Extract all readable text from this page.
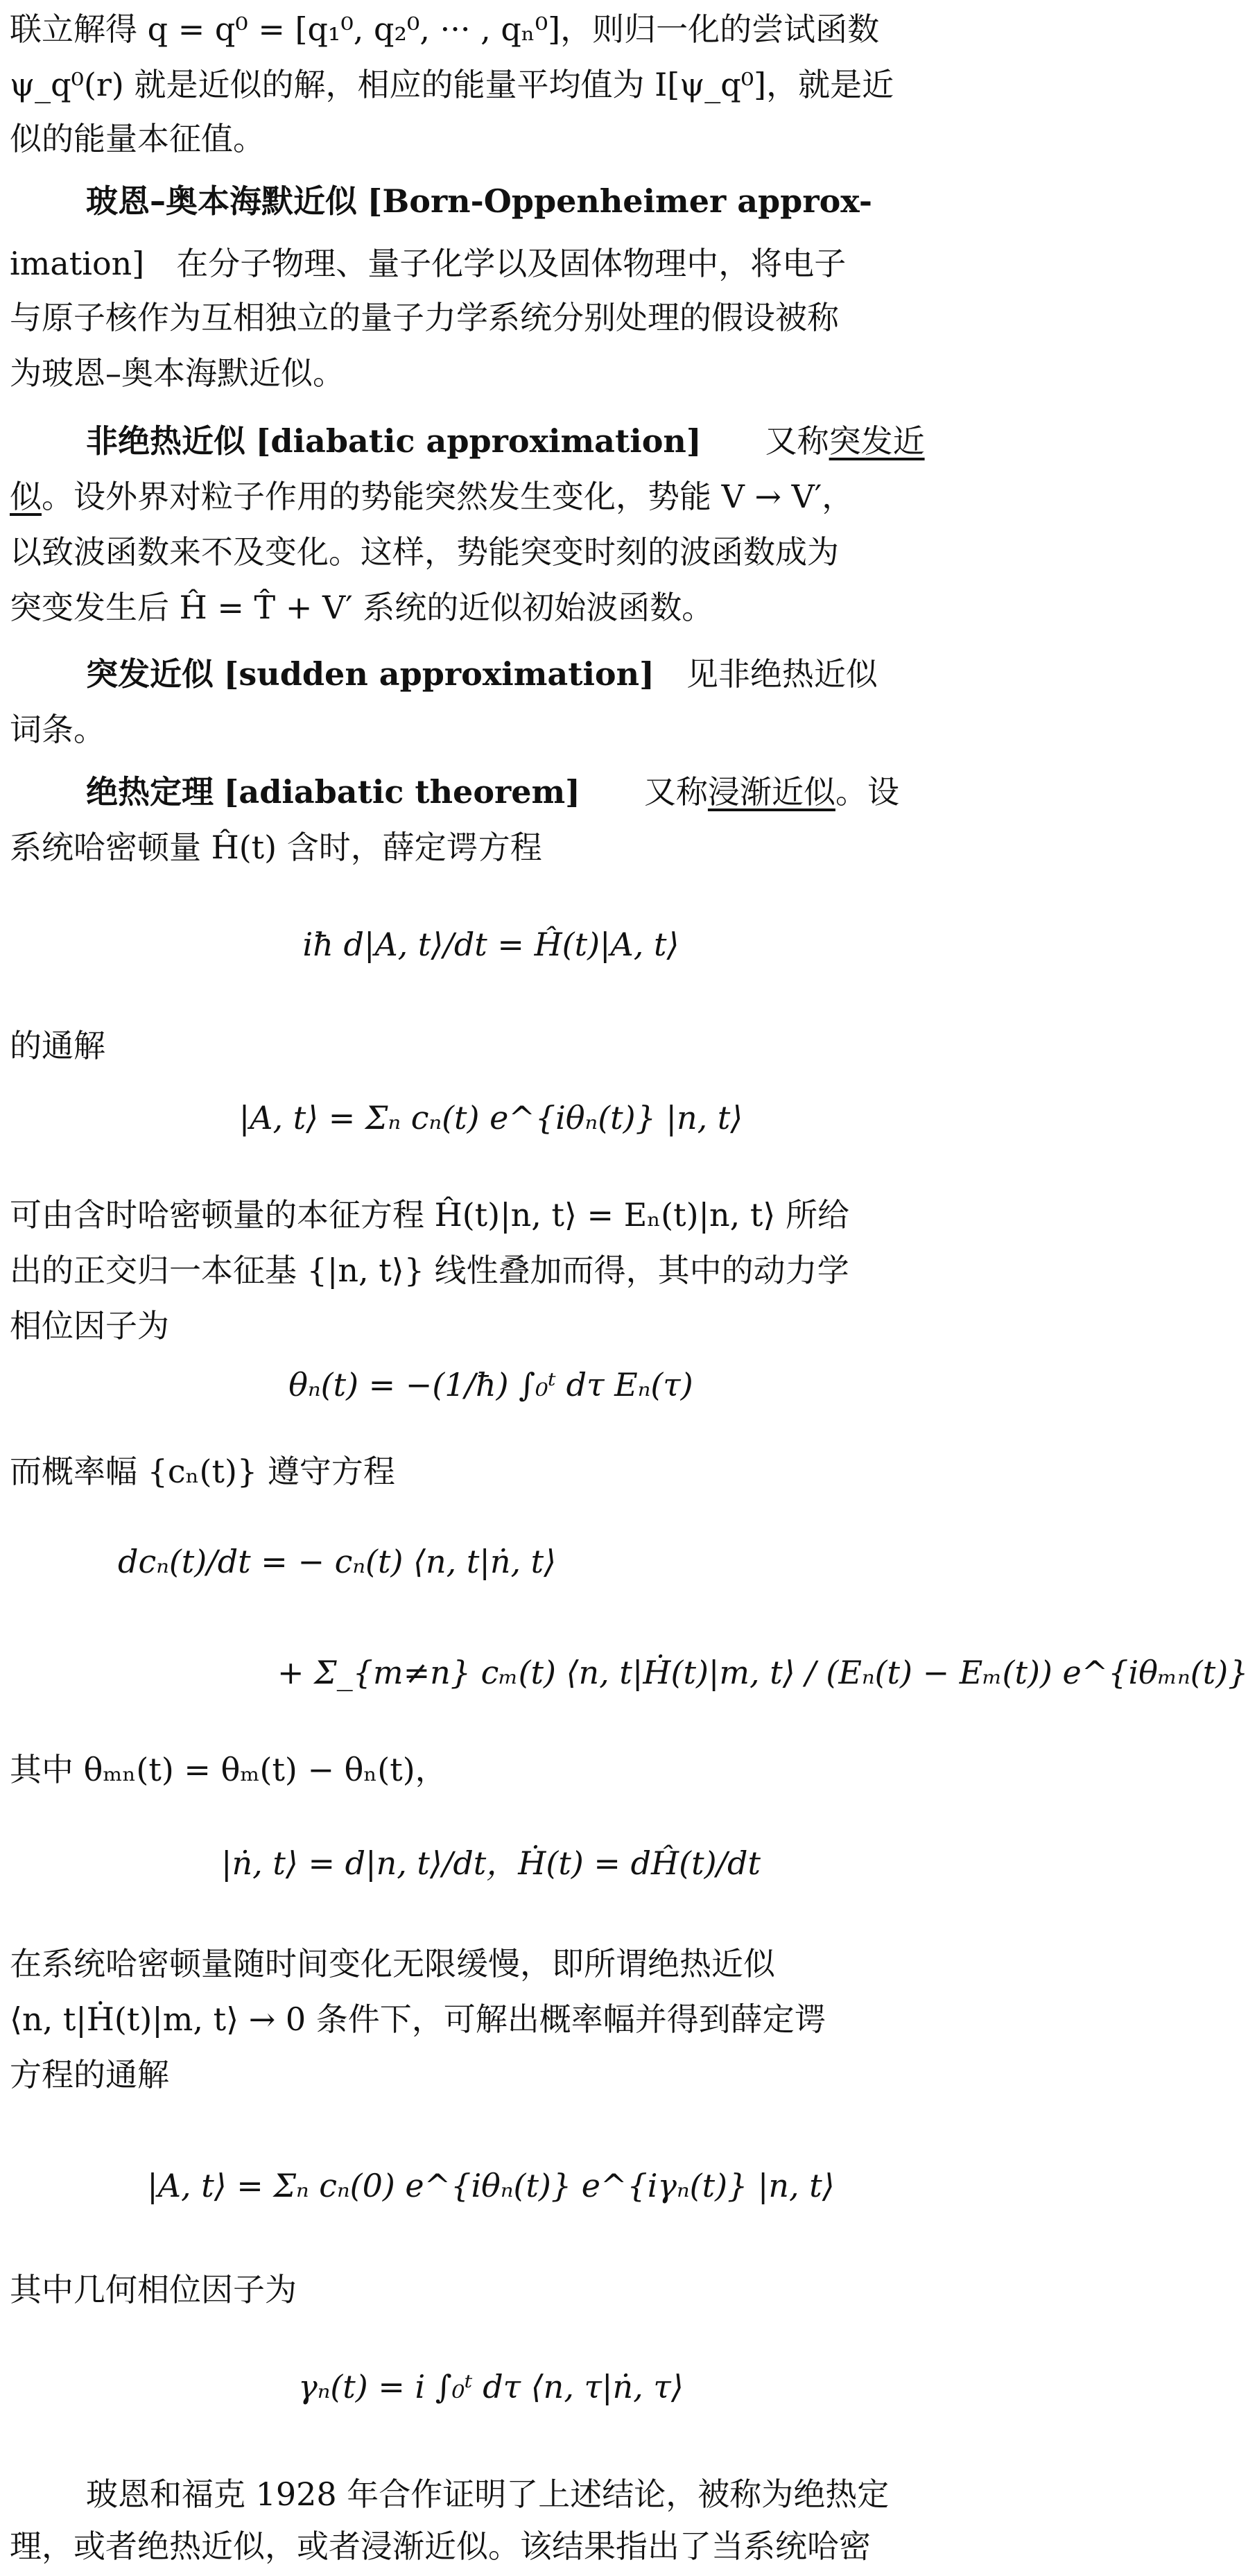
联立解得 q = q⁰ = [q₁⁰, q₂⁰, ··· , qₙ⁰]，则归一化的尝试函数
ψ_q⁰(r) 就是近似的解，相应的能量平均值为 I[ψ_q⁰]，就是近
似的能量本征值。
玻恩–奥本海默近似 [Born-Oppenheimer approx-
imation]　在分子物理、量子化学以及固体物理中，将电子
与原子核作为互相独立的量子力学系统分别处理的假设被称
为玻恩–奥本海默近似。
非绝热近似 [diabatic approximation]　　又称突发近
似。设外界对粒子作用的势能突然发生变化，势能 V → V′，
以致波函数来不及变化。这样，势能突变时刻的波函数成为
突变发生后 Ĥ = T̂ + V′ 系统的近似初始波函数。
突发近似 [sudden approximation]　见非绝热近似
词条。
绝热定理 [adiabatic theorem]　　又称浸渐近似。设
系统哈密顿量 Ĥ(t) 含时，薛定谔方程
iħ d|A, t⟩/dt = Ĥ(t)|A, t⟩
的通解
|A, t⟩ = Σₙ cₙ(t) e^{iθₙ(t)} |n, t⟩
可由含时哈密顿量的本征方程 Ĥ(t)|n, t⟩ = Eₙ(t)|n, t⟩ 所给
出的正交归一本征基 {|n, t⟩} 线性叠加而得，其中的动力学
相位因子为
θₙ(t) = −(1/ħ) ∫₀ᵗ dτ Eₙ(τ)
而概率幅 {cₙ(t)} 遵守方程
dcₙ(t)/dt = − cₙ(t) ⟨n, t|ṅ, t⟩
+ Σ_{m≠n} cₘ(t) ⟨n, t|Ḣ(t)|m, t⟩ / (Eₙ(t) − Eₘ(t)) e^{iθₘₙ(t)}
其中 θₘₙ(t) = θₘ(t) − θₙ(t)，
|ṅ, t⟩ = d|n, t⟩/dt，Ḣ(t) = dĤ(t)/dt
在系统哈密顿量随时间变化无限缓慢，即所谓绝热近似
⟨n, t|Ḣ(t)|m, t⟩ → 0 条件下，可解出概率幅并得到薛定谔
方程的通解
|A, t⟩ = Σₙ cₙ(0) e^{iθₙ(t)} e^{iγₙ(t)} |n, t⟩
其中几何相位因子为
γₙ(t) = i ∫₀ᵗ dτ ⟨n, τ|ṅ, τ⟩
玻恩和福克 1928 年合作证明了上述结论，被称为绝热定
理，或者绝热近似，或者浸渐近似。该结果指出了当系统哈密
